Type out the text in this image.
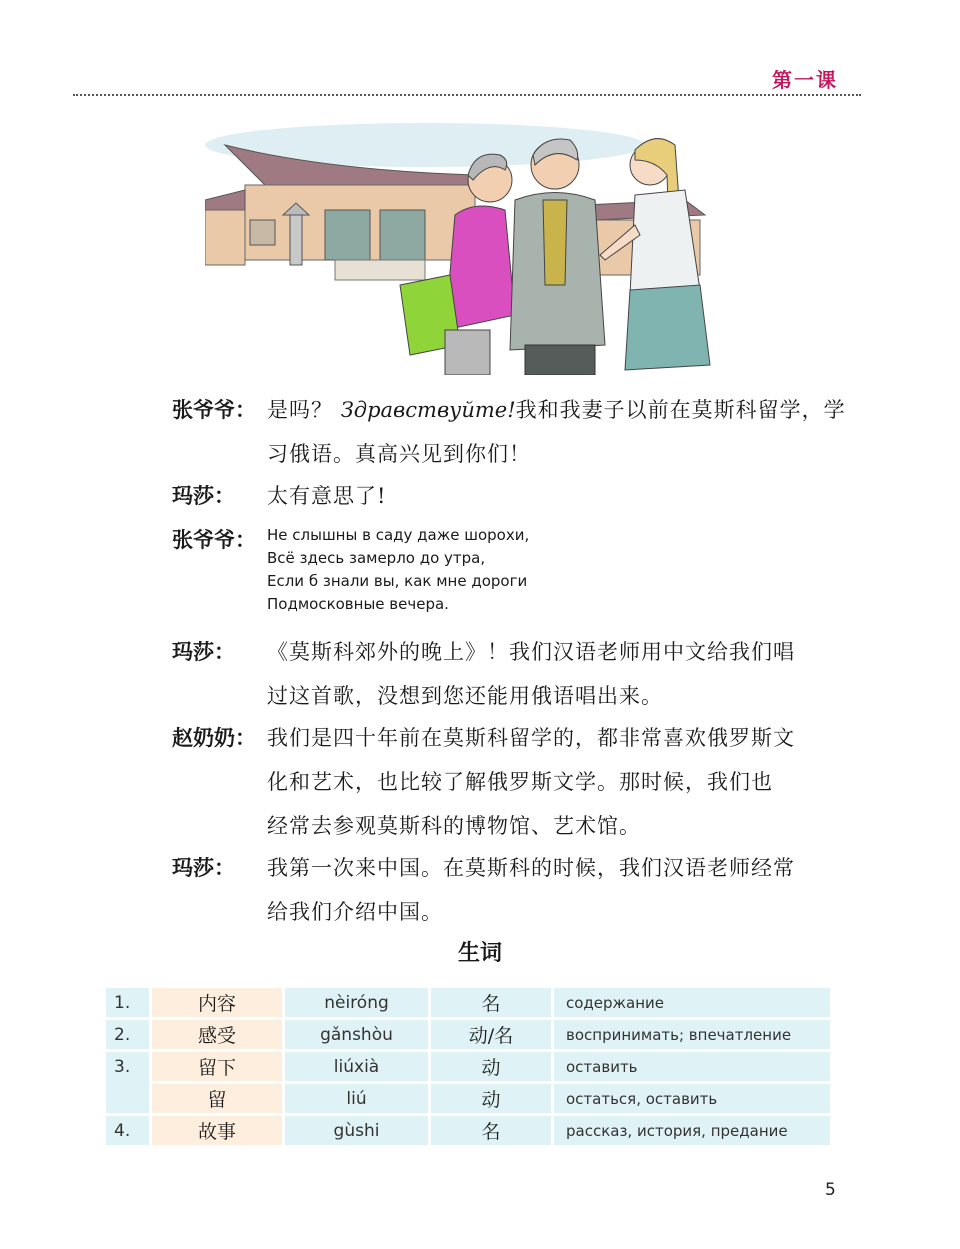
第一课
张爷爷： 是吗？ Здравствуйте!我和我妻子以前在莫斯科留学，学
习俄语。真高兴见到你们！
玛莎：	太有意思了!
张爷爷： Не слышны в саду даже шорохи,
Всё здесь замерло до утра,
Если б знали вы, как мне дороги
Подмосковные вечера.
玛莎：	《莫斯科郊外的晚上》！我们汉语老师用中文给我们唱
过这首歌，没想到您还能用俄语唱出来。
赵奶奶： 我们是四十年前在莫斯科留学的，都非常喜欢俄罗斯文
化和艺术，也比较了解俄罗斯文学。那时候，我们也
经常去参观莫斯科的博物馆、艺术馆。
玛莎：	我第一次来中国。在莫斯科的时候，我们汉语老师经常
给我们介绍中国。
生词
1.	内容	nèiróng	名	содержание
2.	感受	gǎnshòu	动/名	воспринимать; впечатление
3.	留下	liúxià	动	оставить
	留	liú	动	остаться, оставить
4.	故事	gùshi	名	рассказ, история, предание
5
